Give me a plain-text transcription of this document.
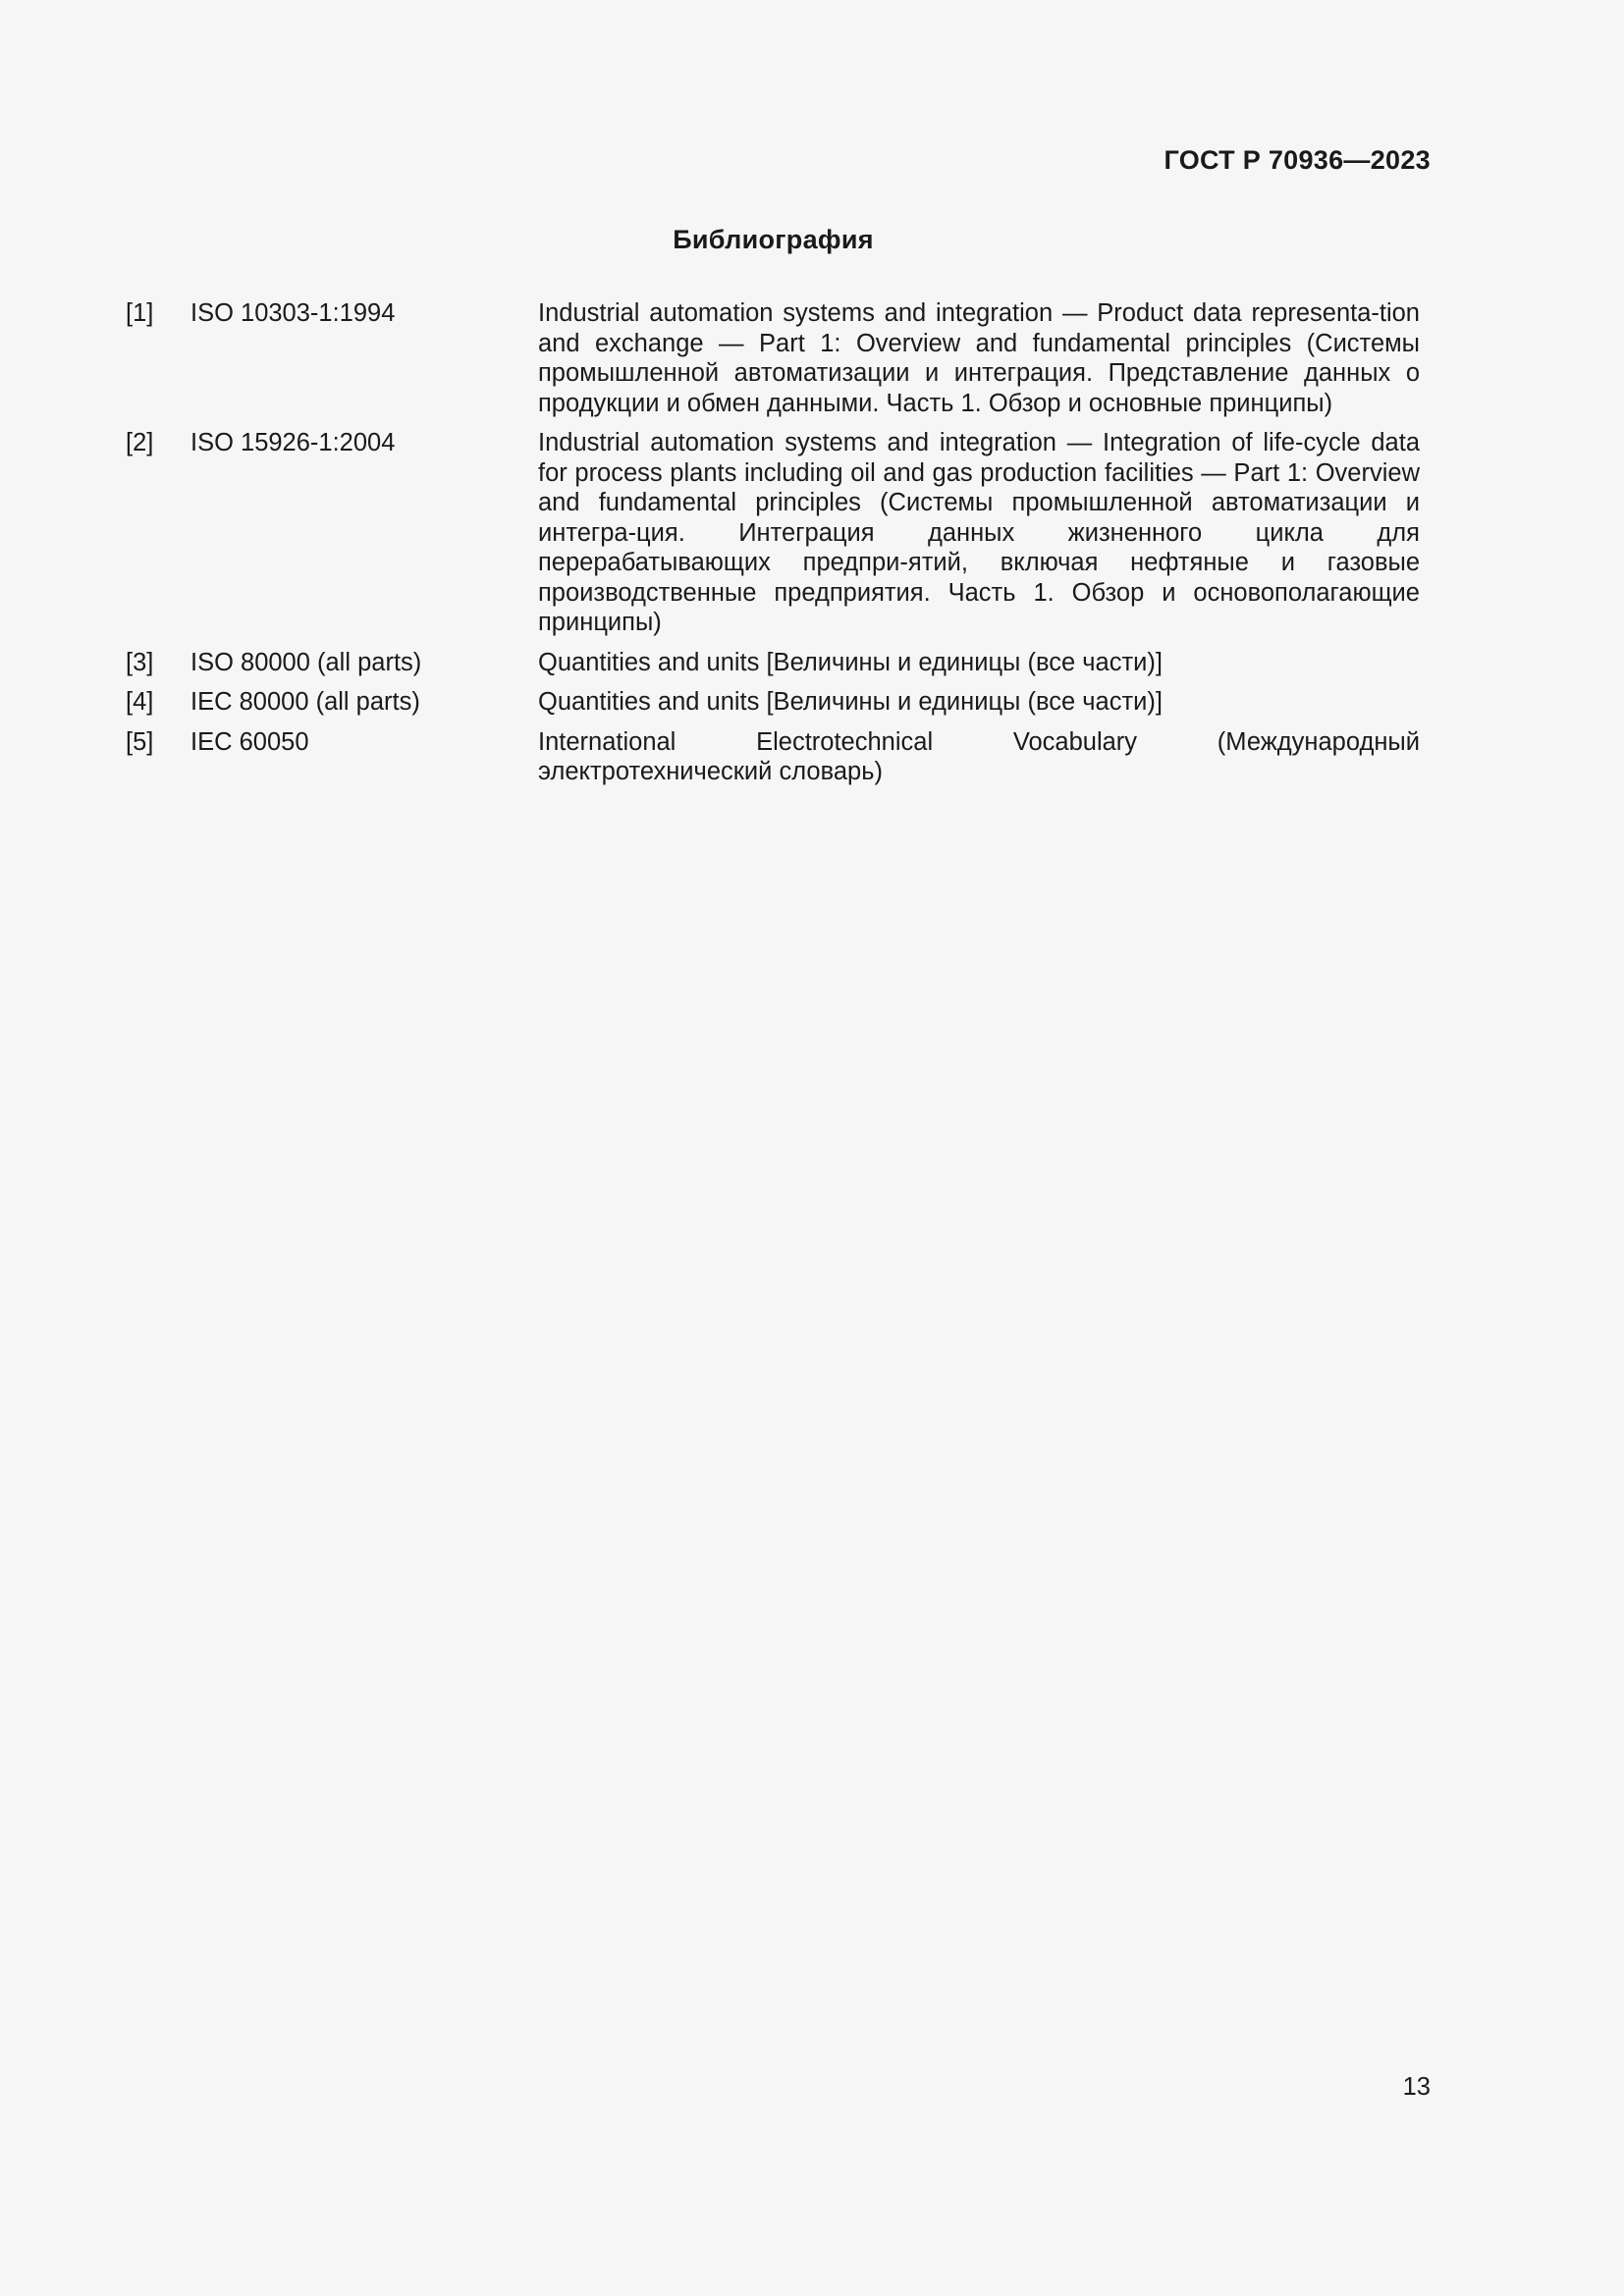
ГОСТ Р 70936—2023
Библиография
[1] ISO 10303-1:1994	Industrial automation systems and integration — Product data representa-tion and exchange — Part 1: Overview and fundamental principles (Системы промышленной автоматизации и интеграция. Представление данных о продукции и обмен данными. Часть 1. Обзор и основные принципы)
[2] ISO 15926-1:2004	Industrial automation systems and integration — Integration of life-cycle data for process plants including oil and gas production facilities — Part 1: Overview and fundamental principles (Системы промышленной автоматизации и интегра-ция. Интеграция данных жизненного цикла для перерабатывающих предпри-ятий, включая нефтяные и газовые производственные предприятия. Часть 1. Обзор и основополагающие принципы)
[3] ISO 80000 (all parts)	Quantities and units [Величины и единицы (все части)]
[4] IEC 80000 (all parts)	Quantities and units [Величины и единицы (все части)]
[5] IEC 60050	International Electrotechnical Vocabulary (Международный электротехнический словарь)
13
